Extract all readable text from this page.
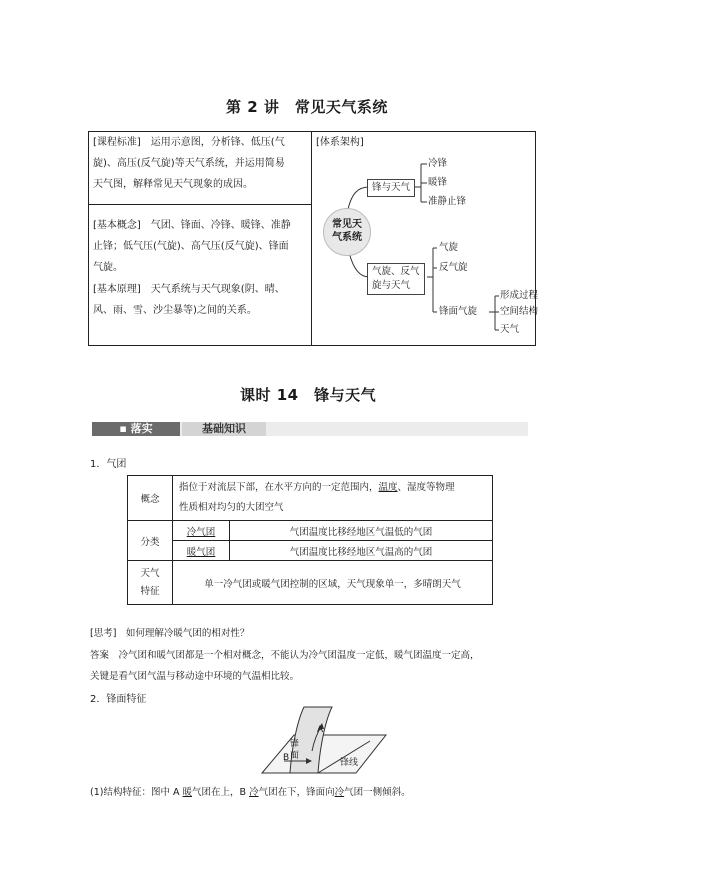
第 2 讲　常见天气系统
[课程标准]　运用示意图，分析锋、低压(气
旋)、高压(反气旋)等天气系统，并运用简易
天气图，解释常见天气现象的成因。
[基本概念]　气团、锋面、冷锋、暖锋、准静
止锋；低气压(气旋)、高气压(反气旋)、锋面
气旋。
[基本原理]　天气系统与天气现象(阴、晴、
风、雨、雪、沙尘暴等)之间的关系。
[体系架构]
常见天
气系统
锋与天气
冷锋
暖锋
准静止锋
气旋、反气
旋与天气
气旋
反气旋
锋面气旋
形成过程
空间结构
天气
课时 14　锋与天气
▪ 落实	基础知识
1．气团
概念	指位于对流层下部，在水平方向的一定范围内，温度、湿度等物理
性质相对均匀的大团空气	
分类	冷气团	气团温度比移经地区气温低的气团
	暖气团	气团温度比移经地区气温高的气团
天气
特征	单一冷气团或暖气团控制的区域，天气现象单一，多晴朗天气	
[思考]　如何理解冷暖气团的相对性？
答案　冷气团和暖气团都是一个相对概念，不能认为冷气团温度一定低，暖气团温度一定高，
关键是看气团气温与移动途中环境的气温相比较。
2．锋面特征
A
B
锋
面
锋线
(1)结构特征：图中 A 暖气团在上，B 冷气团在下，锋面向冷气团一侧倾斜。
